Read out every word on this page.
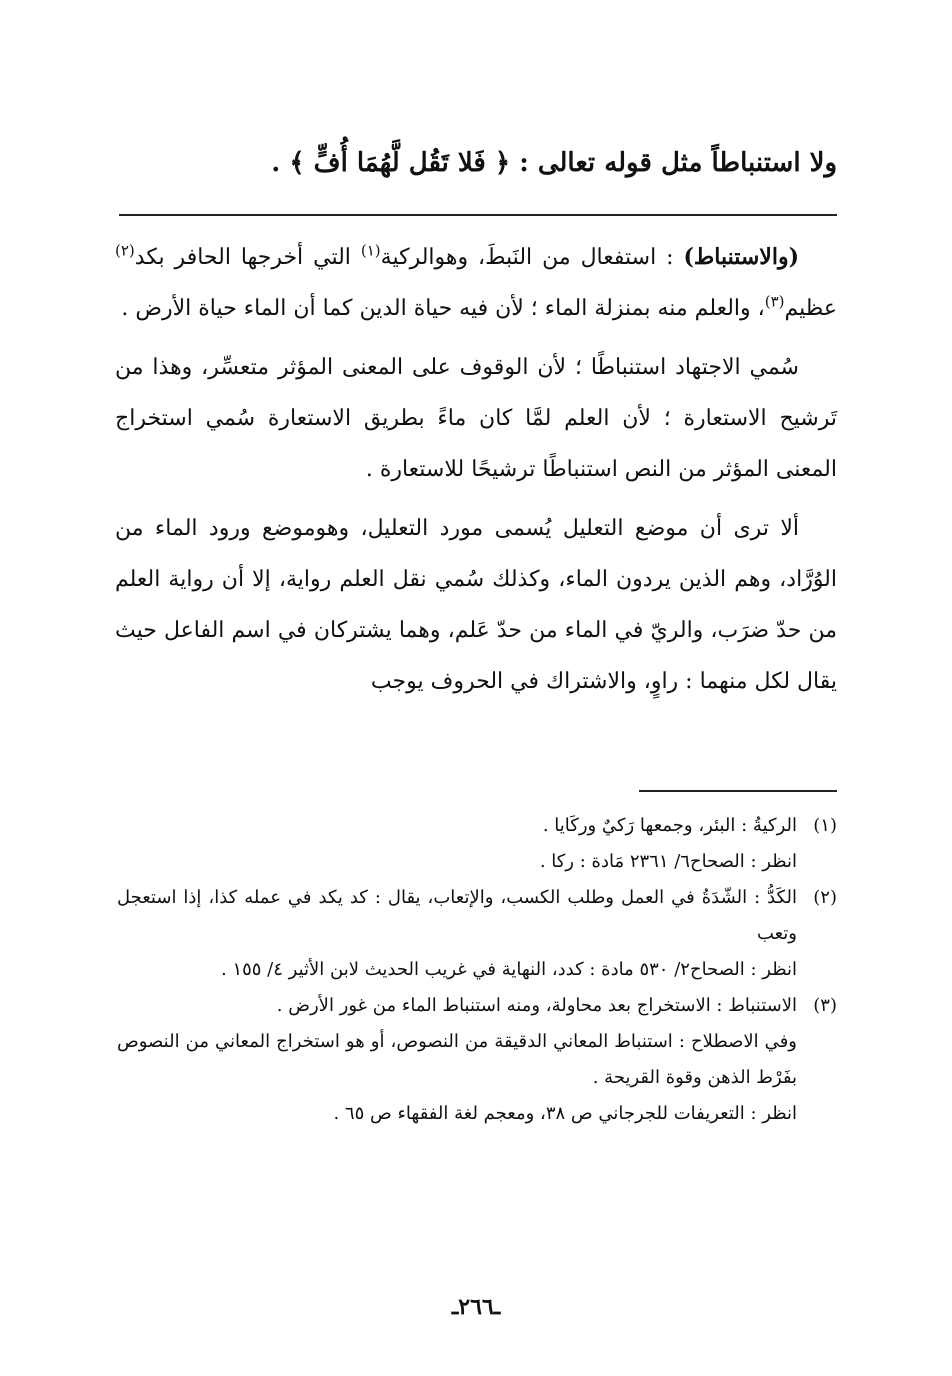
ولا استنباطاً مثل قوله تعالى : ﴿ فَلا تَقُل لَّهُمَا أُفٍّ ﴾ .

(والاستنباط) : استفعال من النَبطَ، وهوالركية$^{(١)}$ التي أخرجها الحافر بكد$^{(٢)}$ عظيم$^{(٣)}$، والعلم منه بمنزلة الماء ؛ لأن فيه حياة الدين كما أن الماء حياة الأرض .

سُمي الاجتهاد استنباطًا ؛ لأن الوقوف على المعنى المؤثر متعسِّر، وهذا من تَرشيح الاستعارة ؛ لأن العلم لمَّا كان ماءً بطريق الاستعارة سُمي استخراج المعنى المؤثر من النص استنباطًا ترشيحًا للاستعارة .

ألا ترى أن موضع التعليل يُسمى مورد التعليل، وهوموضع ورود الماء من الوُرَّاد، وهم الذين يردون الماء، وكذلك سُمي نقل العلم رواية، إلا أن رواية العلم من حدّ ضرَب، والريّ في الماء من حدّ عَلم، وهما يشتركان في اسم الفاعل حيث يقال لكل منهما : راوٍ، والاشتراك في الحروف يوجب

(١)
الركيةُ : البئر، وجمعها رَكيٌ وركَايا .
انظر : الصحاح٦/ ٢٣٦١ مَادة : ركا .
(٢)
الكَدُّ : الشّدَةُ في العمل وطلب الكسب، والإتعاب، يقال : كد يكد في عمله كذا، إذا استعجل وتعب
انظر : الصحاح٢/ ٥٣٠ مادة : كدد، النهاية في غريب الحديث لابن الأثير ٤/ ١٥٥ .
(٣)
الاستنباط : الاستخراج بعد محاولة، ومنه استنباط الماء من غور الأرض .
وفي الاصطلاح : استنباط المعاني الدقيقة من النصوص، أو هو استخراج المعاني من النصوص بفَرْط الذهن وقوة القريحة .
انظر : التعريفات للجرجاني ص ٣٨، ومعجم لغة الفقهاء ص ٦٥ .
ـ٢٦٦ـ
